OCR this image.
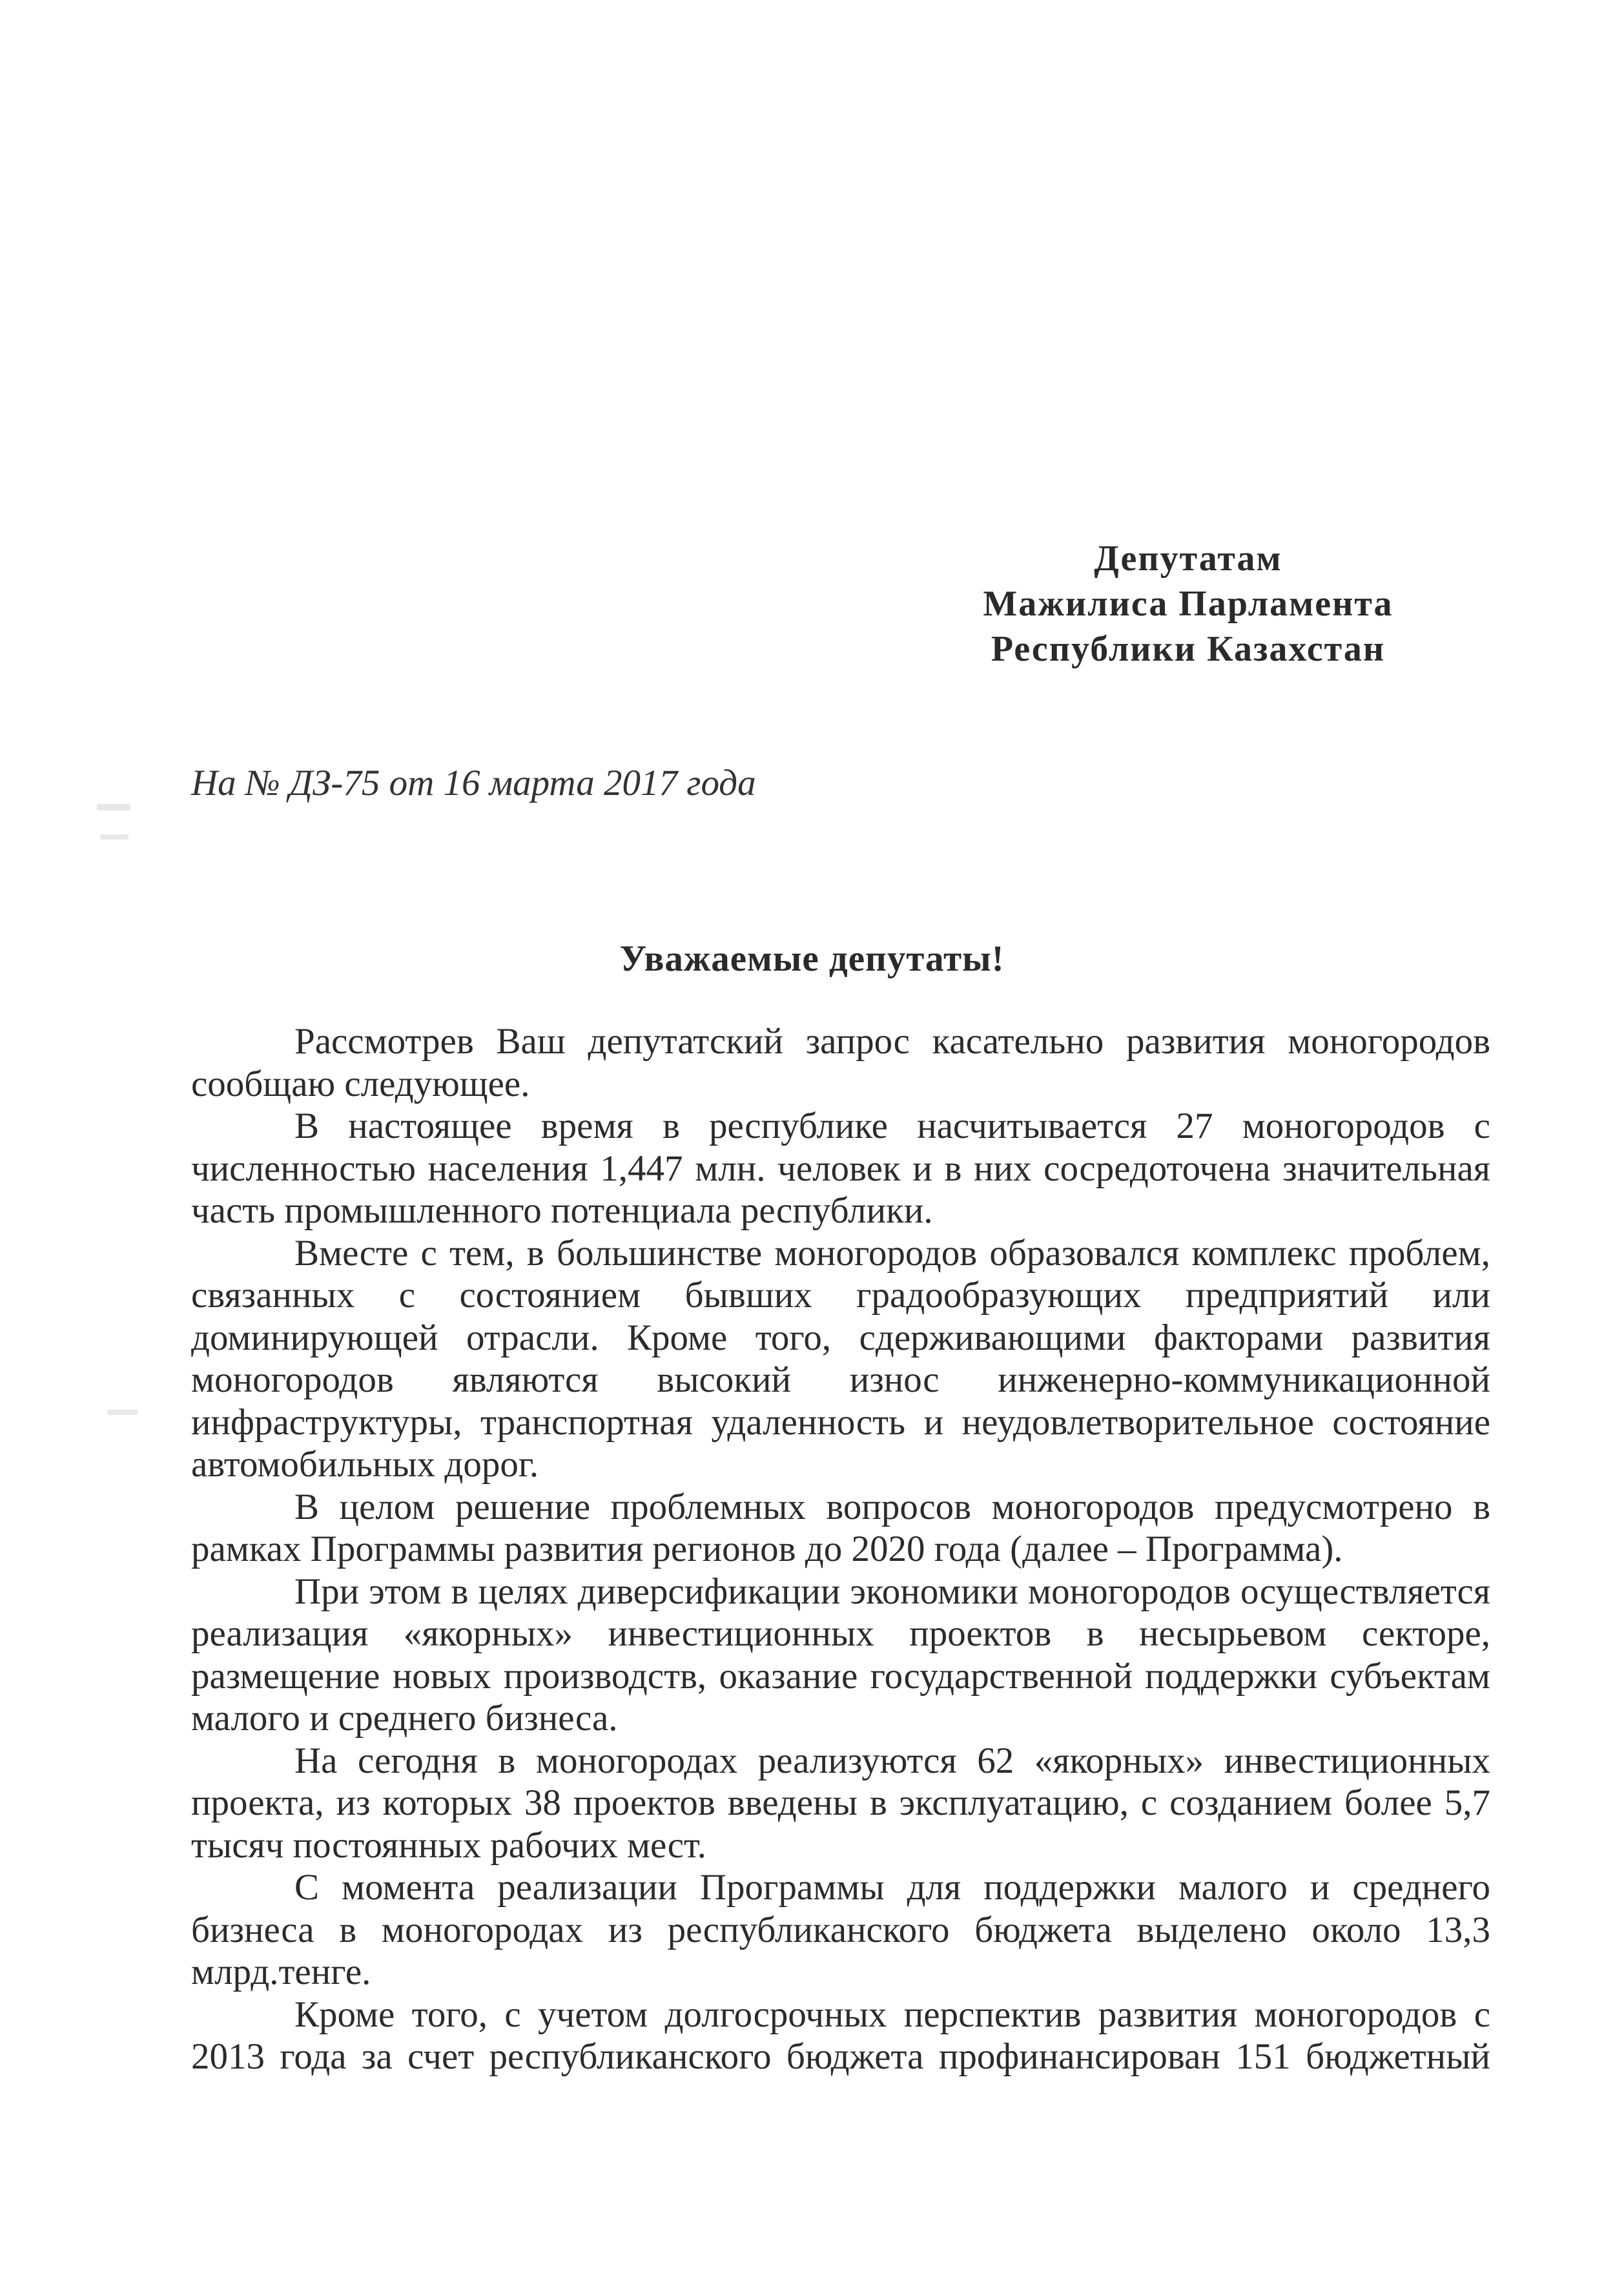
Депутатам
Мажилиса Парламента
Республики Казахстан
На № ДЗ-75 от 16 марта 2017 года
Уважаемые депутаты!

Рассмотрев Ваш депутатский запрос касательно развития моногородов сообщаю следующее.

В настоящее время в республике насчитывается 27 моногородов с численностью населения 1,447 млн. человек и в них сосредоточена значительная часть промышленного потенциала республики.

Вместе с тем, в большинстве моногородов образовался комплекс проблем, связанных с состоянием бывших градообразующих предприятий или доминирующей отрасли. Кроме того, сдерживающими факторами развития моногородов являются высокий износ инженерно-коммуникационной инфраструктуры, транспортная удаленность и неудовлетворительное состояние автомобильных дорог.

В целом решение проблемных вопросов моногородов предусмотрено в рамках Программы развития регионов до 2020 года (далее – Программа).

При этом в целях диверсификации экономики моногородов осуществляется реализация «якорных» инвестиционных проектов в несырьевом секторе, размещение новых производств, оказание государственной поддержки субъектам малого и среднего бизнеса.

На сегодня в моногородах реализуются 62 «якорных» инвестиционных проекта, из которых 38 проектов введены в эксплуатацию, с созданием более 5,7 тысяч постоянных рабочих мест.

С момента реализации Программы для поддержки малого и среднего бизнеса в моногородах из республиканского бюджета выделено около 13,3 млрд.тенге.

Кроме того, с учетом долгосрочных перспектив развития моногородов с 2013 года за счет республиканского бюджета профинансирован 151 бюджетный
